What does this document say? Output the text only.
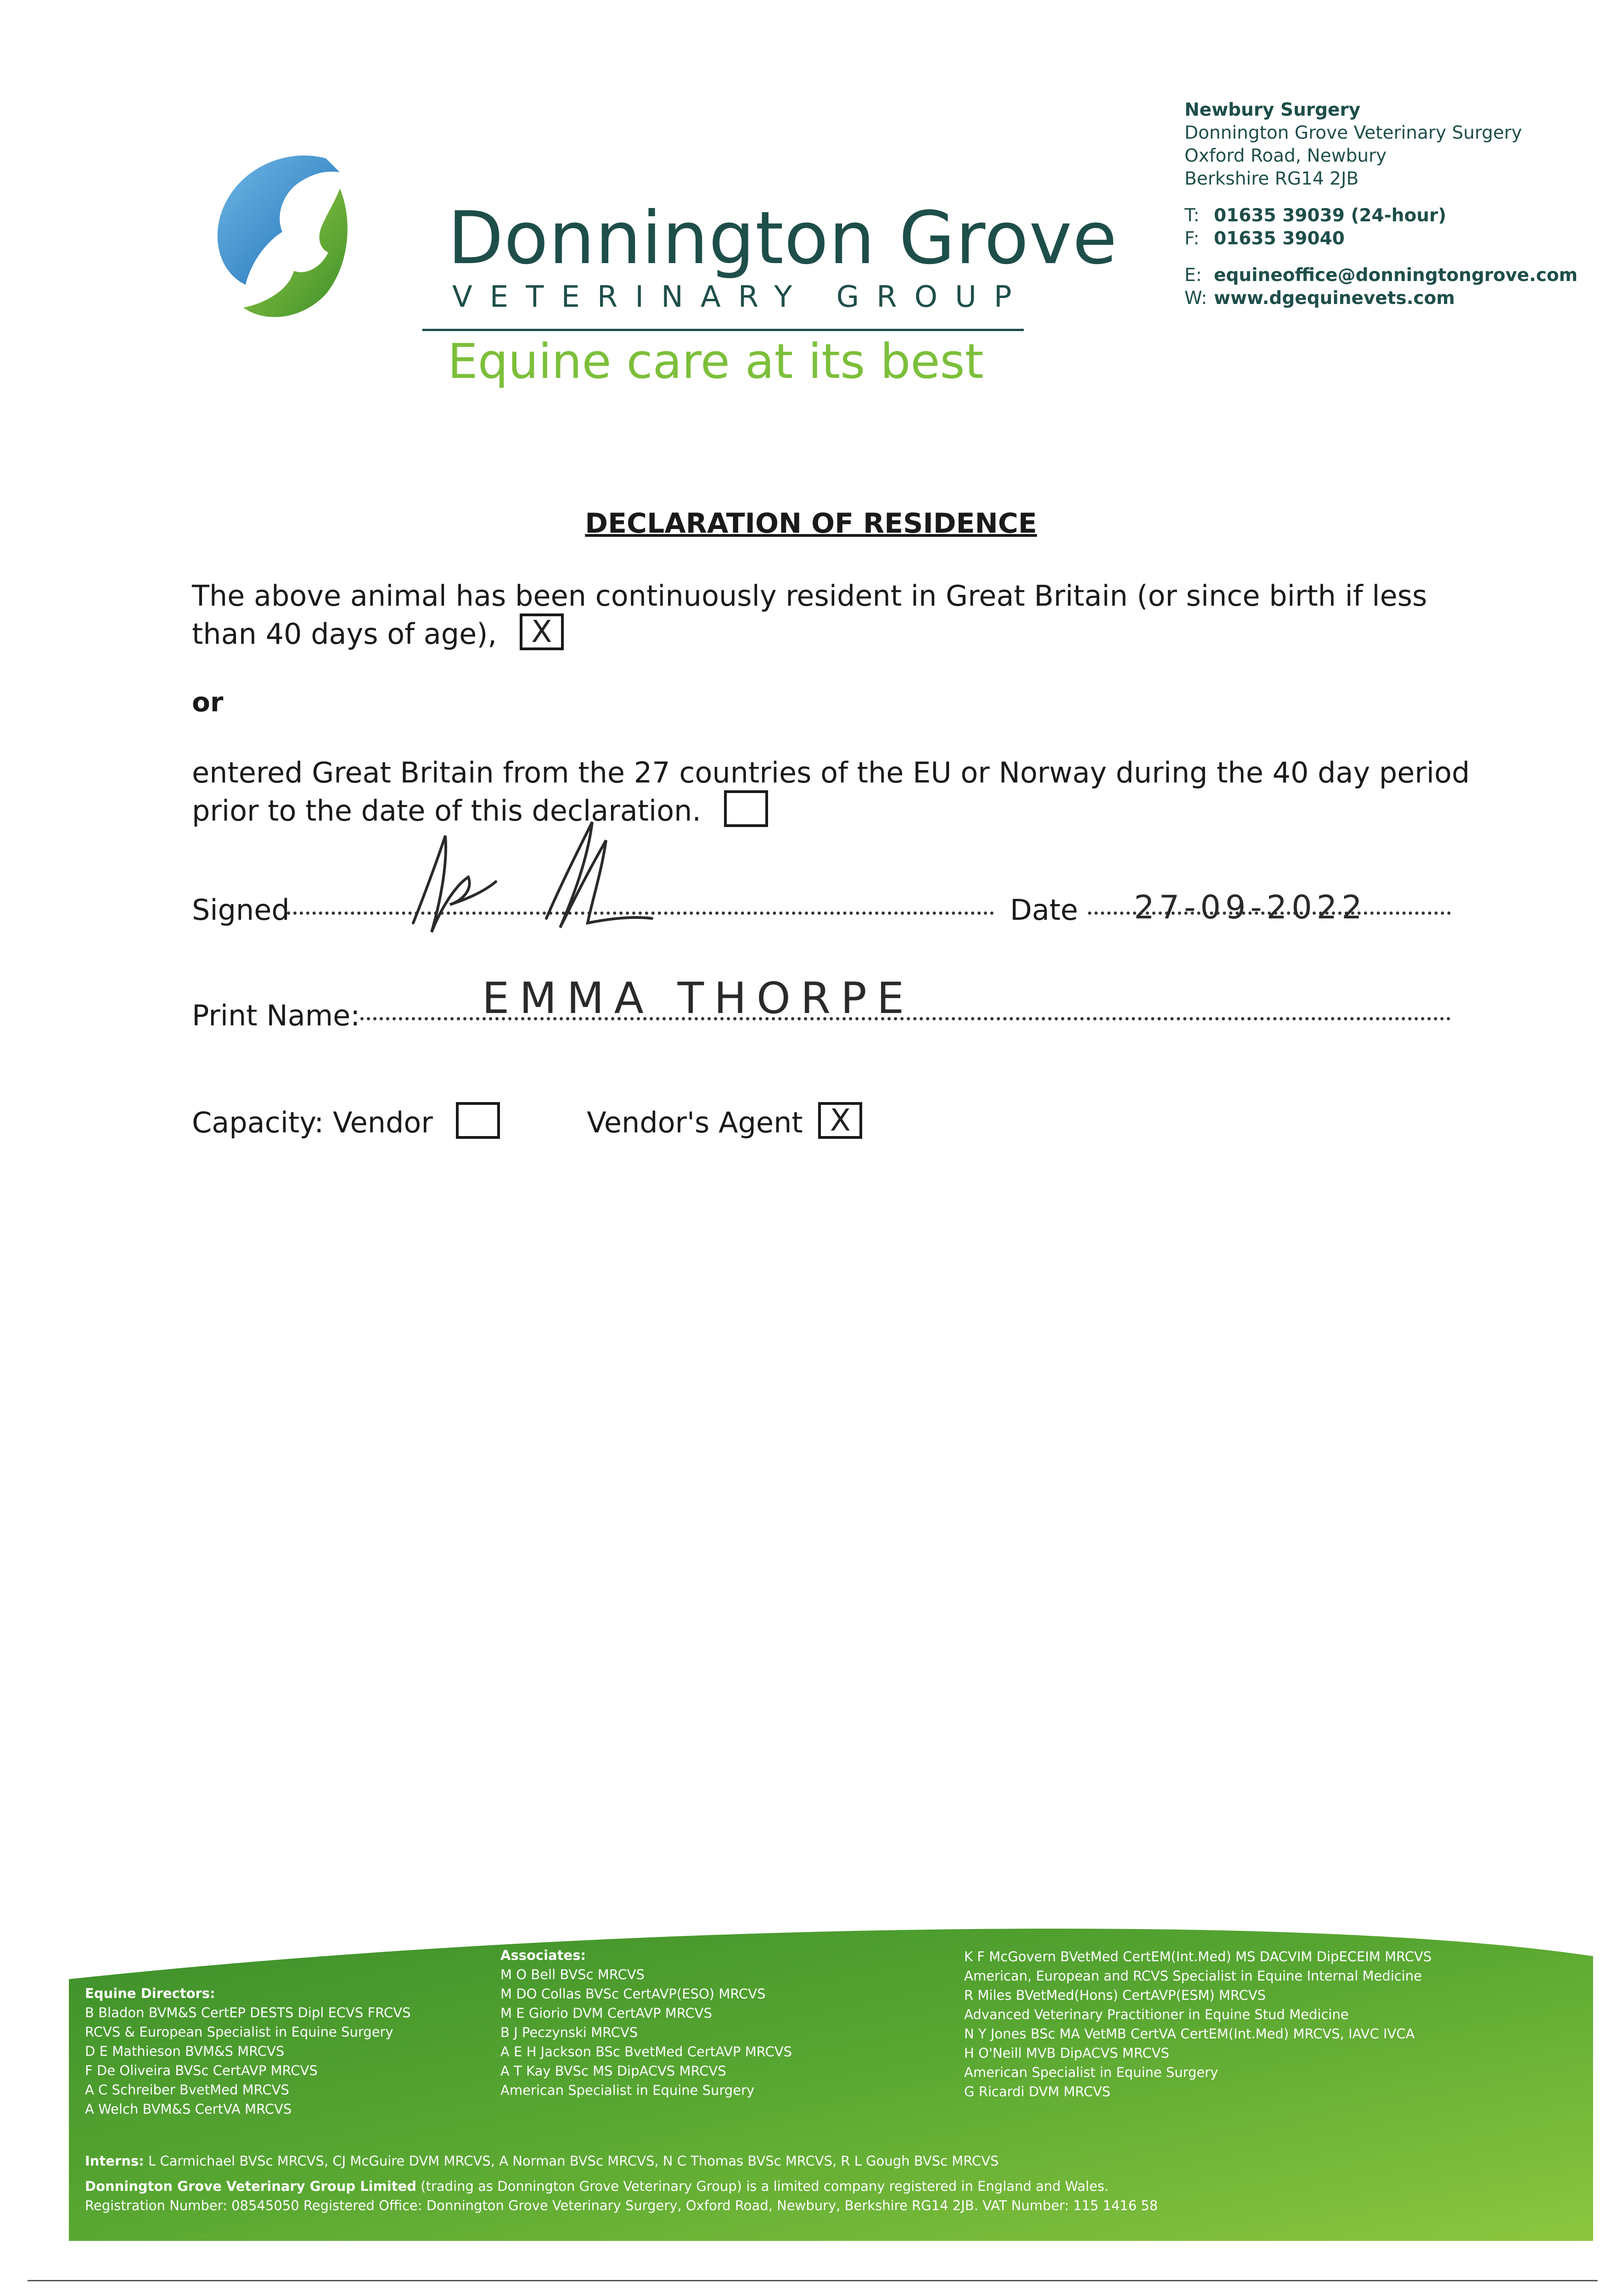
Donnington Grove
VETERINARY GROUP
Equine care at its best
Newbury Surgery
Donnington Grove Veterinary Surgery
Oxford Road, Newbury
Berkshire RG14 2JB
T: 01635 39039 (24-hour)
F: 01635 39040
E: equineoffice@donningtongrove.com
W: www.dgequinevets.com
DECLARATION OF RESIDENCE
The above animal has been continuously resident in Great Britain (or since birth if less than 40 days of age), X
or
entered Great Britain from the 27 countries of the EU or Norway during the 40 day period prior to the date of this declaration.
Signed	Date 27-09-2022
Print Name:	EMMA THORPE
Capacity: Vendor	Vendor's Agent X
Equine Directors:
B Bladon BVM&S CertEP DESTS Dipl ECVS FRCVS
RCVS & European Specialist in Equine Surgery
D E Mathieson BVM&S MRCVS
F De Oliveira BVSc CertAVP MRCVS
A C Schreiber BvetMed MRCVS
A Welch BVM&S CertVA MRCVS
Associates:
M O Bell BVSc MRCVS
M DO Collas BVSc CertAVP(ESO) MRCVS
M E Giorio DVM CertAVP MRCVS
B J Peczynski MRCVS
A E H Jackson BSc BvetMed CertAVP MRCVS
A T Kay BVSc MS DipACVS MRCVS
American Specialist in Equine Surgery
K F McGovern BVetMed CertEM(Int.Med) MS DACVIM DipECEIM MRCVS
American, European and RCVS Specialist in Equine Internal Medicine
R Miles BVetMed(Hons) CertAVP(ESM) MRCVS
Advanced Veterinary Practitioner in Equine Stud Medicine
N Y Jones BSc MA VetMB CertVA CertEM(Int.Med) MRCVS, IAVC IVCA
H O'Neill MVB DipACVS MRCVS
American Specialist in Equine Surgery
G Ricardi DVM MRCVS
Interns: L Carmichael BVSc MRCVS, CJ McGuire DVM MRCVS, A Norman BVSc MRCVS, N C Thomas BVSc MRCVS, R L Gough BVSc MRCVS
Donnington Grove Veterinary Group Limited (trading as Donnington Grove Veterinary Group) is a limited company registered in England and Wales.
Registration Number: 08545050 Registered Office: Donnington Grove Veterinary Surgery, Oxford Road, Newbury, Berkshire RG14 2JB. VAT Number: 115 1416 58
